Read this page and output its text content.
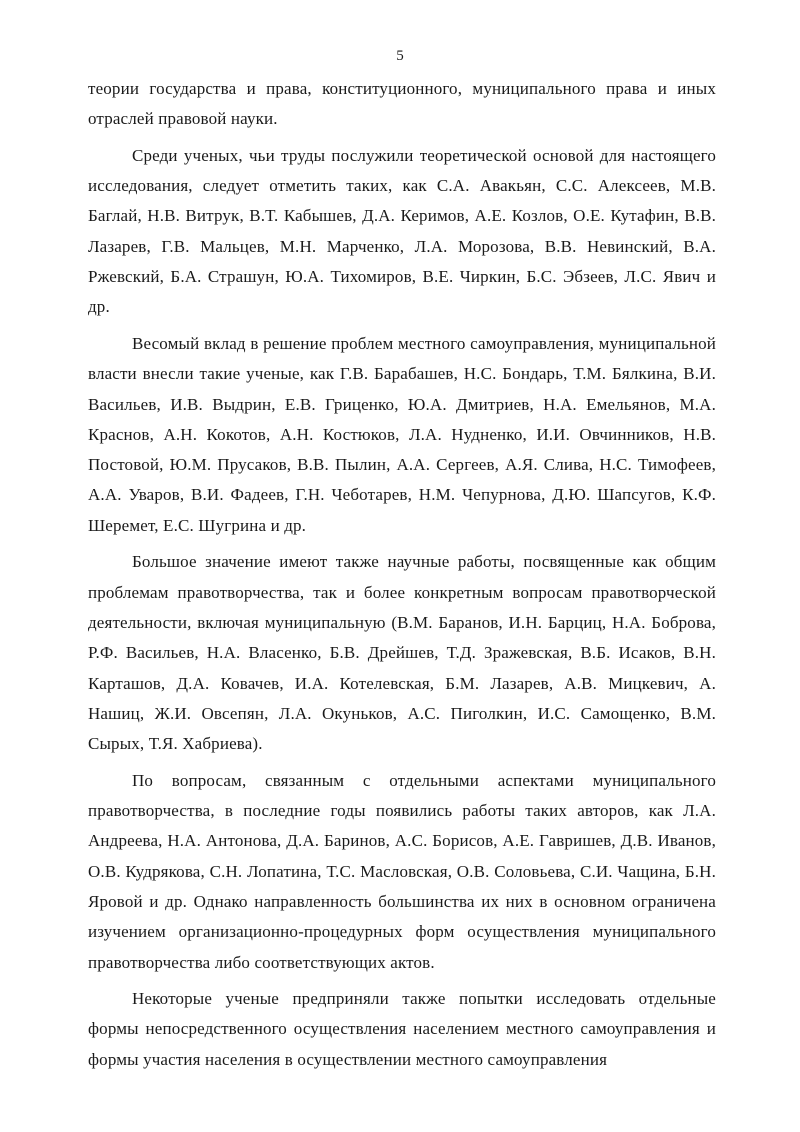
5

теории государства и права, конституционного, муниципального права и иных отраслей правовой науки.

Среди ученых, чьи труды послужили теоретической основой для настоящего исследования, следует отметить таких, как С.А. Авакьян, С.С. Алексеев, М.В. Баглай, Н.В. Витрук, В.Т. Кабышев, Д.А. Керимов, А.Е. Козлов, О.Е. Кутафин, В.В. Лазарев, Г.В. Мальцев, М.Н. Марченко, Л.А. Морозова, В.В. Невинский, В.А. Ржевский, Б.А. Страшун, Ю.А. Тихомиров, В.Е. Чиркин, Б.С. Эбзеев, Л.С. Явич и др.

Весомый вклад в решение проблем местного самоуправления, муниципальной власти внесли такие ученые, как Г.В. Барабашев, Н.С. Бондарь, Т.М. Бялкина, В.И. Васильев, И.В. Выдрин, Е.В. Гриценко, Ю.А. Дмитриев, Н.А. Емельянов, М.А. Краснов, А.Н. Кокотов, А.Н. Костюков, Л.А. Нудненко, И.И. Овчинников, Н.В. Постовой, Ю.М. Прусаков, В.В. Пылин, А.А. Сергеев, А.Я. Слива, Н.С. Тимофеев, А.А. Уваров, В.И. Фадеев, Г.Н. Чеботарев, Н.М. Чепурнова, Д.Ю. Шапсугов, К.Ф. Шеремет, Е.С. Шугрина и др.

Большое значение имеют также научные работы, посвященные как общим проблемам правотворчества, так и более конкретным вопросам правотворческой деятельности, включая муниципальную (В.М. Баранов, И.Н. Барциц, Н.А. Боброва, Р.Ф. Васильев, Н.А. Власенко, Б.В. Дрейшев, Т.Д. Зражевская, В.Б. Исаков, В.Н. Карташов, Д.А. Ковачев, И.А. Котелевская, Б.М. Лазарев, А.В. Мицкевич, А. Нашиц, Ж.И. Овсепян, Л.А. Окуньков, А.С. Пиголкин, И.С. Самощенко, В.М. Сырых, Т.Я. Хабриева).

По вопросам, связанным с отдельными аспектами муниципального правотворчества, в последние годы появились работы таких авторов, как Л.А. Андреева, Н.А. Антонова, Д.А. Баринов, А.С. Борисов, А.Е. Гавришев, Д.В. Иванов, О.В. Кудрякова, С.Н. Лопатина, Т.С. Масловская, О.В. Соловьева, С.И. Чащина, Б.Н. Яровой и др. Однако направленность большинства их них в основном ограничена изучением организационно-процедурных форм осуществления муниципального правотворчества либо соответствующих актов.

Некоторые ученые предприняли также попытки исследовать отдельные формы непосредственного осуществления населением местного самоуправления и формы участия населения в осуществлении местного самоуправления
